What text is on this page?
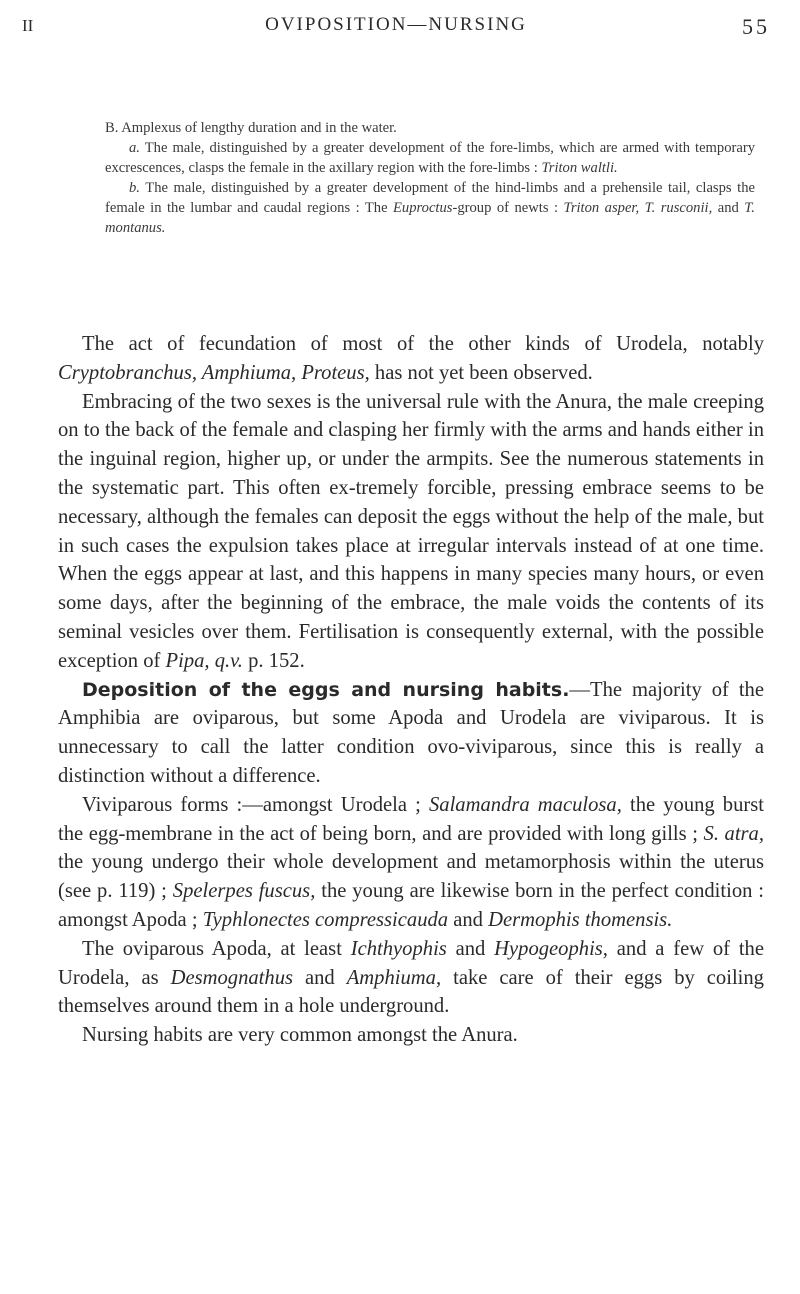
II	OVIPOSITION—NURSING	55

B. Amplexus of lengthy duration and in the water.

a. The male, distinguished by a greater development of the fore-limbs, which are armed with temporary excrescences, clasps the female in the axillary region with the fore-limbs : Triton waltli.

b. The male, distinguished by a greater development of the hind-limbs and a prehensile tail, clasps the female in the lumbar and caudal regions : The Euproctus-group of newts : Triton asper, T. rusconii, and T. montanus.

The act of fecundation of most of the other kinds of Urodela, notably Cryptobranchus, Amphiuma, Proteus, has not yet been observed.

Embracing of the two sexes is the universal rule with the Anura, the male creeping on to the back of the female and clasping her firmly with the arms and hands either in the inguinal region, higher up, or under the armpits. See the numerous statements in the systematic part. This often ex-tremely forcible, pressing embrace seems to be necessary, although the females can deposit the eggs without the help of the male, but in such cases the expulsion takes place at irregular intervals instead of at one time. When the eggs appear at last, and this happens in many species many hours, or even some days, after the beginning of the embrace, the male voids the contents of its seminal vesicles over them. Fertilisation is consequently external, with the possible exception of Pipa, q.v. p. 152.

Deposition of the eggs and nursing habits.—The majority of the Amphibia are oviparous, but some Apoda and Urodela are viviparous. It is unnecessary to call the latter condition ovo-viviparous, since this is really a distinction without a difference.

Viviparous forms :—amongst Urodela ; Salamandra maculosa, the young burst the egg-membrane in the act of being born, and are provided with long gills ; S. atra, the young undergo their whole development and metamorphosis within the uterus (see p. 119) ; Spelerpes fuscus, the young are likewise born in the perfect condition : amongst Apoda ; Typhlonectes compressicauda and Dermophis thomensis.

The oviparous Apoda, at least Ichthyophis and Hypogeophis, and a few of the Urodela, as Desmognathus and Amphiuma, take care of their eggs by coiling themselves around them in a hole underground.

Nursing habits are very common amongst the Anura.
